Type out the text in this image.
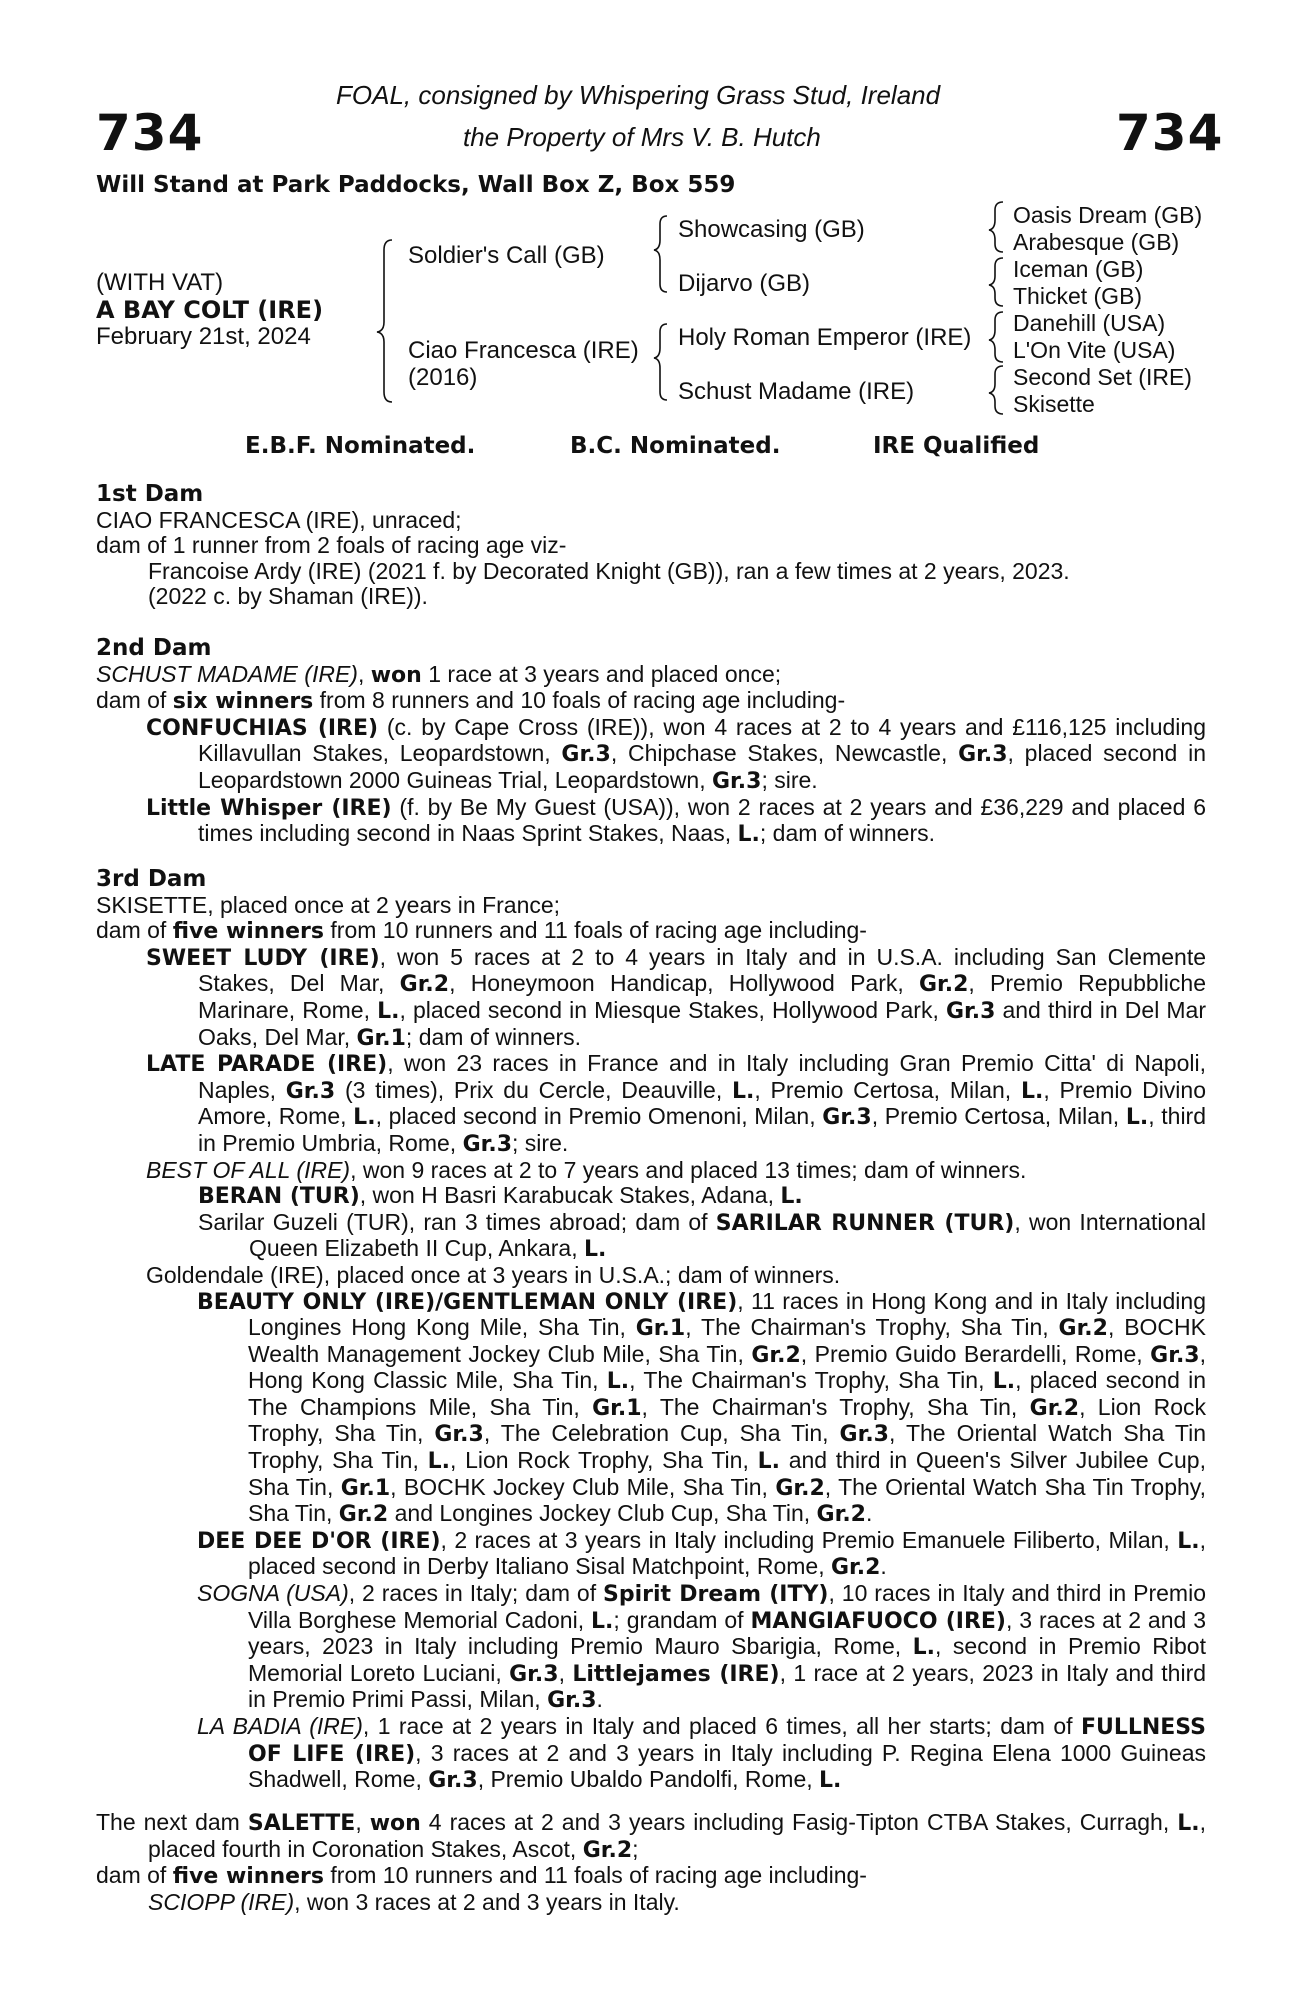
734	734
FOAL, consigned by Whispering Grass Stud, Ireland
the Property of Mrs V. B. Hutch
Will Stand at Park Paddocks, Wall Box Z, Box 559
(WITH VAT)
A BAY COLT (IRE)
February 21st, 2024
Soldier's Call (GB)
Ciao Francesca (IRE)
(2016)
Showcasing (GB)
Dijarvo (GB)
Holy Roman Emperor (IRE)
Schust Madame (IRE)
Oasis Dream (GB)
Arabesque (GB)
Iceman (GB)
Thicket (GB)
Danehill (USA)
L'On Vite (USA)
Second Set (IRE)
Skisette
E.B.F. Nominated.	B.C. Nominated.	IRE Qualified
1st Dam

CIAO FRANCESCA (IRE), unraced;

dam of 1 runner from 2 foals of racing age viz-

Francoise Ardy (IRE) (2021 f. by Decorated Knight (GB)), ran a few times at 2 years, 2023.

(2022 c. by Shaman (IRE)).

2nd Dam

SCHUST MADAME (IRE), won 1 race at 3 years and placed once;

dam of six winners from 8 runners and 10 foals of racing age including-

CONFUCHIAS (IRE) (c. by Cape Cross (IRE)), won 4 races at 2 to 4 years and £116,125 including Killavullan Stakes, Leopardstown, Gr.3, Chipchase Stakes, Newcastle, Gr.3, placed second in Leopardstown 2000 Guineas Trial, Leopardstown, Gr.3; sire.

Little Whisper (IRE) (f. by Be My Guest (USA)), won 2 races at 2 years and £36,229 and placed 6 times including second in Naas Sprint Stakes, Naas, L.; dam of winners.

3rd Dam

SKISETTE, placed once at 2 years in France;

dam of five winners from 10 runners and 11 foals of racing age including-

SWEET LUDY (IRE), won 5 races at 2 to 4 years in Italy and in U.S.A. including San Clemente Stakes, Del Mar, Gr.2, Honeymoon Handicap, Hollywood Park, Gr.2, Premio Repubbliche Marinare, Rome, L., placed second in Miesque Stakes, Hollywood Park, Gr.3 and third in Del Mar Oaks, Del Mar, Gr.1; dam of winners.

LATE PARADE (IRE), won 23 races in France and in Italy including Gran Premio Citta' di Napoli, Naples, Gr.3 (3 times), Prix du Cercle, Deauville, L., Premio Certosa, Milan, L., Premio Divino Amore, Rome, L., placed second in Premio Omenoni, Milan, Gr.3, Premio Certosa, Milan, L., third in Premio Umbria, Rome, Gr.3; sire.

BEST OF ALL (IRE), won 9 races at 2 to 7 years and placed 13 times; dam of winners.

BERAN (TUR), won H Basri Karabucak Stakes, Adana, L.

Sarilar Guzeli (TUR), ran 3 times abroad; dam of SARILAR RUNNER (TUR), won International Queen Elizabeth II Cup, Ankara, L.

Goldendale (IRE), placed once at 3 years in U.S.A.; dam of winners.

BEAUTY ONLY (IRE)/GENTLEMAN ONLY (IRE), 11 races in Hong Kong and in Italy including Longines Hong Kong Mile, Sha Tin, Gr.1, The Chairman's Trophy, Sha Tin, Gr.2, BOCHK Wealth Management Jockey Club Mile, Sha Tin, Gr.2, Premio Guido Berardelli, Rome, Gr.3, Hong Kong Classic Mile, Sha Tin, L., The Chairman's Trophy, Sha Tin, L., placed second in The Champions Mile, Sha Tin, Gr.1, The Chairman's Trophy, Sha Tin, Gr.2, Lion Rock Trophy, Sha Tin, Gr.3, The Celebration Cup, Sha Tin, Gr.3, The Oriental Watch Sha Tin Trophy, Sha Tin, L., Lion Rock Trophy, Sha Tin, L. and third in Queen's Silver Jubilee Cup, Sha Tin, Gr.1, BOCHK Jockey Club Mile, Sha Tin, Gr.2, The Oriental Watch Sha Tin Trophy, Sha Tin, Gr.2 and Longines Jockey Club Cup, Sha Tin, Gr.2.

DEE DEE D'OR (IRE), 2 races at 3 years in Italy including Premio Emanuele Filiberto, Milan, L., placed second in Derby Italiano Sisal Matchpoint, Rome, Gr.2.

SOGNA (USA), 2 races in Italy; dam of Spirit Dream (ITY), 10 races in Italy and third in Premio Villa Borghese Memorial Cadoni, L.; grandam of MANGIAFUOCO (IRE), 3 races at 2 and 3 years, 2023 in Italy including Premio Mauro Sbarigia, Rome, L., second in Premio Ribot Memorial Loreto Luciani, Gr.3, Littlejames (IRE), 1 race at 2 years, 2023 in Italy and third in Premio Primi Passi, Milan, Gr.3.

LA BADIA (IRE), 1 race at 2 years in Italy and placed 6 times, all her starts; dam of FULLNESS OF LIFE (IRE), 3 races at 2 and 3 years in Italy including P. Regina Elena 1000 Guineas Shadwell, Rome, Gr.3, Premio Ubaldo Pandolfi, Rome, L.

The next dam SALETTE, won 4 races at 2 and 3 years including Fasig-Tipton CTBA Stakes, Curragh, L., placed fourth in Coronation Stakes, Ascot, Gr.2;

dam of five winners from 10 runners and 11 foals of racing age including-

SCIOPP (IRE), won 3 races at 2 and 3 years in Italy.
